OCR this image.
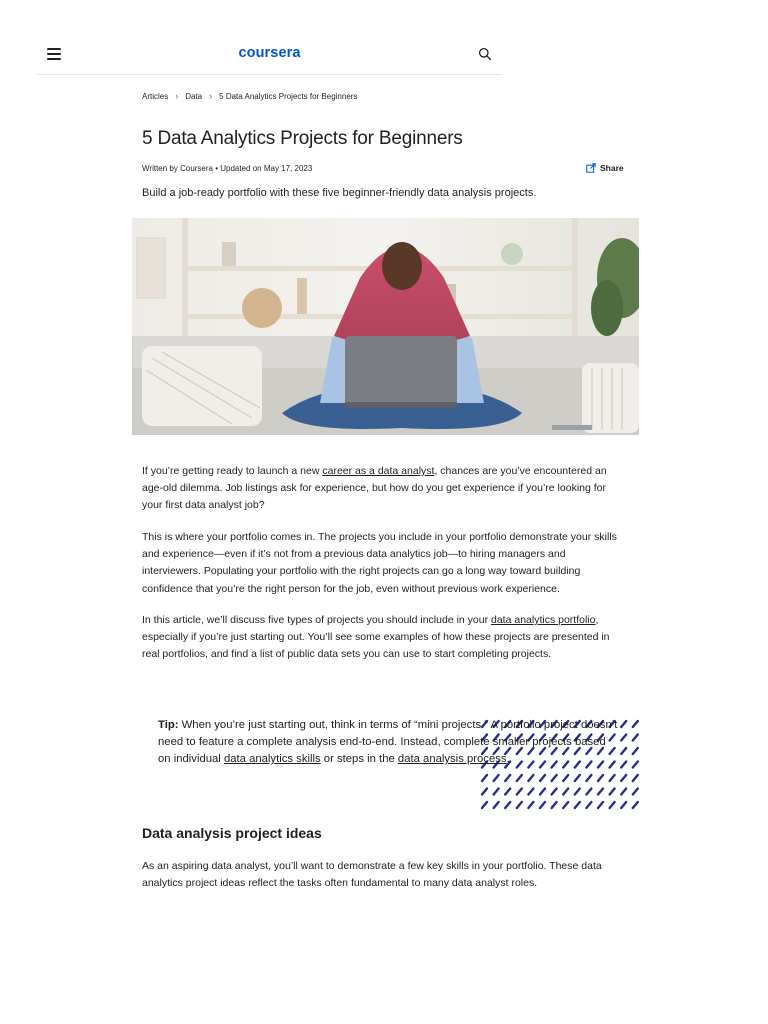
coursera
Articles › Data › 5 Data Analytics Projects for Beginners
5 Data Analytics Projects for Beginners
Written by Coursera • Updated on May 17, 2023	Share

Build a job-ready portfolio with these five beginner-friendly data analysis projects.

If you’re getting ready to launch a new career as a data analyst, chances are you’ve encountered an age-old dilemma. Job listings ask for experience, but how do you get experience if you’re looking for your first data analyst job?

This is where your portfolio comes in. The projects you include in your portfolio demonstrate your skills and experience—even if it’s not from a previous data analytics job—to hiring managers and interviewers. Populating your portfolio with the right projects can go a long way toward building confidence that you’re the right person for the job, even without previous work experience.

In this article, we’ll discuss five types of projects you should include in your data analytics portfolio, especially if you’re just starting out. You’ll see some examples of how these projects are presented in real portfolios, and find a list of public data sets you can use to start completing projects.

Tip: When you’re just starting out, think in terms of “mini projects.” A portfolio project doesn’t need to feature a complete analysis end-to-end. Instead, complete smaller projects based on individual data analytics skills or steps in the data analysis process.
Data analysis project ideas

As an aspiring data analyst, you’ll want to demonstrate a few key skills in your portfolio. These data analytics project ideas reflect the tasks often fundamental to many data analyst roles.
